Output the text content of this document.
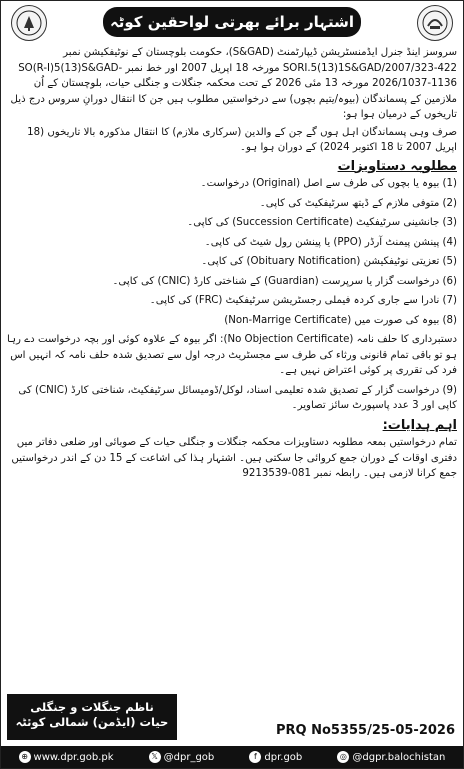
اشتہار برائے بھرتی لواحقین کوٹہ

سروسز اینڈ جنرل ایڈمنسٹریشن ڈیپارٹمنٹ (S&GAD)، حکومت بلوچستان کے نوٹیفکیشن نمبر SORI.5(13)1S&GAD/2007/323-422 مورخہ 18 اپریل 2007 اور خط نمبر SO(R-I)5(13)S&GAD-2026/1037-1136 مورخہ 13 مئی 2026 کے تحت محکمہ جنگلات و جنگلی حیات، بلوچستان کے اُن ملازمین کے پسماندگان (بیوہ/یتیم بچوں) سے درخواستیں مطلوب ہیں جن کا انتقال دورانِ سروس درج ذیل تاریخوں کے درمیان ہوا ہو:

صرف وہی پسماندگان اہل ہوں گے جن کے والدین (سرکاری ملازم) کا انتقال مذکورہ بالا تاریخوں (18 اپریل 2007 تا 18 اکتوبر 2024) کے دوران ہوا ہو۔

مطلوبہ دستاویزات
(1) بیوہ یا بچوں کی طرف سے اصل (Original) درخواست۔
(2) متوفی ملازم کے ڈیتھ سرٹیفکیٹ کی کاپی۔
(3) جانشینی سرٹیفکیٹ (Succession Certificate) کی کاپی۔
(4) پینشن پیمنٹ آرڈر (PPO) یا پینشن رول شیٹ کی کاپی۔
(5) تعزیتی نوٹیفکیشن (Obituary Notification) کی کاپی۔
(6) درخواست گزار یا سرپرست (Guardian) کے شناختی کارڈ (CNIC) کی کاپی۔
(7) نادرا سے جاری کردہ فیملی رجسٹریشن سرٹیفکیٹ (FRC) کی کاپی۔
(8) بیوہ کی صورت میں (Non-Marrige Certificate)
دستبرداری کا حلف نامہ (No Objection Certificate): اگر بیوہ کے علاوہ کوئی اور بچہ درخواست دے رہا ہو تو باقی تمام قانونی ورثاء کی طرف سے مجسٹریٹ درجہ اول سے تصدیق شدہ حلف نامہ کہ انہیں اس فرد کی تقرری پر کوئی اعتراض نہیں ہے۔
(9) درخواست گزار کے تصدیق شدہ تعلیمی اسناد، لوکل/ڈومیسائل سرٹیفکیٹ، شناختی کارڈ (CNIC) کی کاپی اور 3 عدد پاسپورٹ سائز تصاویر۔
اہم ہدایات:

تمام درخواستیں بمعہ مطلوبہ دستاویزات محکمہ جنگلات و جنگلی حیات کے صوبائی اور ضلعی دفاتر میں دفتری اوقات کے دوران جمع کروائی جا سکتی ہیں۔ اشتہار ہذا کی اشاعت کے 15 دن کے اندر درخواستیں جمع کرانا لازمی ہیں۔ رابطہ نمبر 081-9213539

ناظم جنگلات و جنگلی
حیات (ایڈمن) شمالی کوئٹہ
PRQ No5355/25-05-2026
⊕ www.dpr.gob.pk	𝕏 @dpr_gob	f dpr.gob	◎ @dgpr.balochistan
